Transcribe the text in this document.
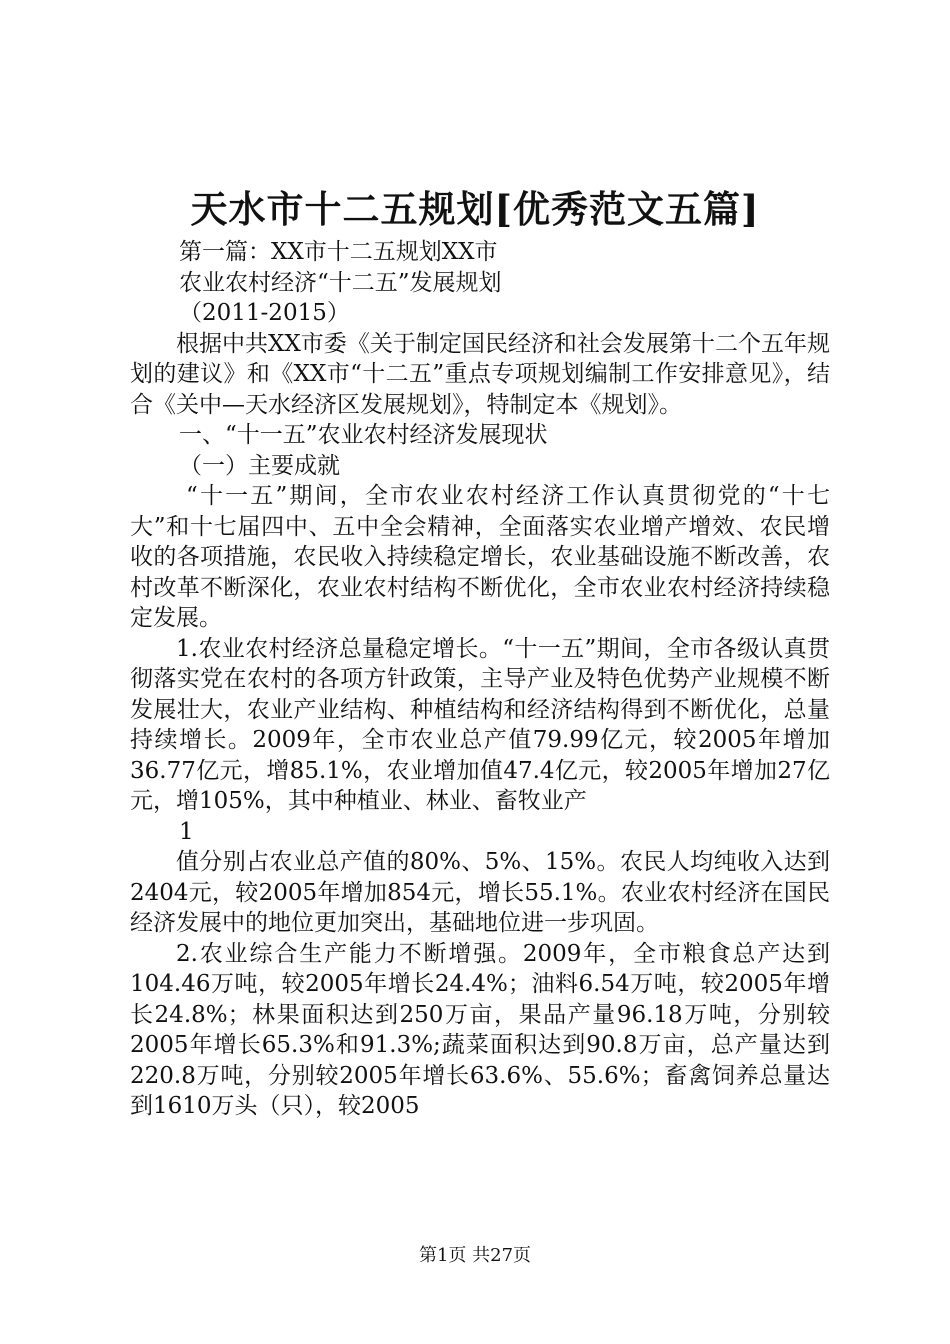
天水市十二五规划[优秀范文五篇]

第一篇：XX市十二五规划XX市

农业农村经济“十二五”发展规划

（2011-2015）

根据中共XX市委《关于制定国民经济和社会发展第十二个五年规划的建议》和《XX市“十二五”重点专项规划编制工作安排意见》，结合《关中—天水经济区发展规划》，特制定本《规划》。

一、“十一五”农业农村经济发展现状

（一）主要成就

“十一五”期间，全市农业农村经济工作认真贯彻党的“十七大”和十七届四中、五中全会精神，全面落实农业增产增效、农民增收的各项措施，农民收入持续稳定增长，农业基础设施不断改善，农村改革不断深化，农业农村结构不断优化，全市农业农村经济持续稳定发展。

1.农业农村经济总量稳定增长。“十一五”期间，全市各级认真贯彻落实党在农村的各项方针政策，主导产业及特色优势产业规模不断发展壮大，农业产业结构、种植结构和经济结构得到不断优化，总量持续增长。2009年，全市农业总产值79.99亿元，较2005年增加36.77亿元，增85.1%，农业增加值47.4亿元，较2005年增加27亿元，增105%，其中种植业、林业、畜牧业产

1

值分别占农业总产值的80%、5%、15%。农民人均纯收入达到2404元，较2005年增加854元，增长55.1%。农业农村经济在国民经济发展中的地位更加突出，基础地位进一步巩固。

2.农业综合生产能力不断增强。2009年，全市粮食总产达到104.46万吨，较2005年增长24.4%；油料6.54万吨，较2005年增长24.8%；林果面积达到250万亩，果品产量96.18万吨，分别较2005年增长65.3%和91.3%;蔬菜面积达到90.8万亩，总产量达到220.8万吨，分别较2005年增长63.6%、55.6%；畜禽饲养总量达到1610万头（只），较2005

第1页 共27页
